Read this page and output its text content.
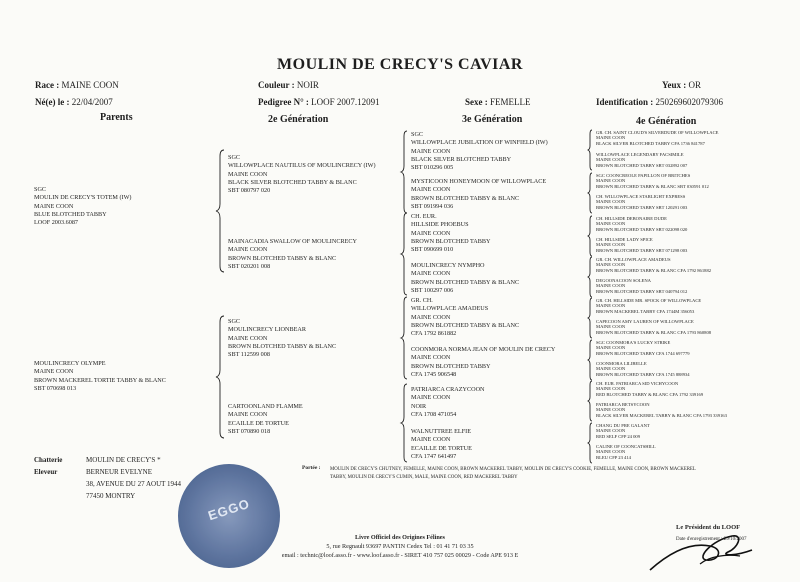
MOULIN DE CRECY'S CAVIAR
Race : MAINE COON	Couleur : NOIR	Yeux : OR
Né(e) le : 22/04/2007	Pedigree N° : LOOF 2007.12091	Sexe : FEMELLE	Identification : 250269602079306
Parents	2e Génération	3e Génération	4e Génération
SGC
MOULIN DE CRECY'S TOTEM (IW)
MAINE COON
BLUE BLOTCHED TABBY
LOOF 2003.6087
MOULINCRECY OLYMPE
MAINE COON
BROWN MACKEREL TORTIE TABBY & BLANC
SBT 070698 013
SGC
WILLOWPLACE NAUTILUS OF MOULINCRECY (IW)
MAINE COON
BLACK SILVER BLOTCHED TABBY & BLANC
SBT 080797 020
MAINACADIA SWALLOW OF MOULINCRECY
MAINE COON
BROWN BLOTCHED TABBY & BLANC
SBT 020201 008
SGC
MOULINCRECY LIONBEAR
MAINE COON
BROWN BLOTCHED TABBY & BLANC
SBT 112599 008
CARTOONLAND FLAMME
MAINE COON
ECAILLE DE TORTUE
SBT 070890 018
SGC
WILLOWPLACE JUBILATION OF WINFIELD (IW)
MAINE COON
BLACK SILVER BLOTCHED TABBY
SBT 010296 005
MYSTICOON HONEYMOON OF WILLOWPLACE
MAINE COON
BROWN BLOTCHED TABBY & BLANC
SBT 091994 036
CH. EUR.
HILLSIDE PHOEBUS
MAINE COON
BROWN BLOTCHED TABBY
SBT 090699 010
MOULINCRECY NYMPHO
MAINE COON
BROWN BLOTCHED TABBY & BLANC
SBT 100297 006
GR. CH.
WILLOWPLACE AMADEUS
MAINE COON
BROWN BLOTCHED TABBY & BLANC
CFA 1792 861882
COONMORA NORMA JEAN OF MOULIN DE CRECY
MAINE COON
BROWN BLOTCHED TABBY
CFA 1745 906548
PATRIARCA CRAZYCOON
MAINE COON
NOIR
CFA 1708 471054
WALNUTTREE ELFIE
MAINE COON
ECAILLE DE TORTUE
CFA 1747 641497
GR. CH. SAINT CLOUD'S SILVERDUDE OF WILLOWPLACE
MAINE COON
BLACK SILVER BLOTCHED TABBY CFA 1736 841787
WILLOWPLACE LEGENDARY FACSIMILE
MAINE COON
BROWN BLOTCHED TABBY SBT 032892 007
SGC COONCREOLE PAPILLON OF BRITCHES
MAINE COON
BROWN BLOTCHED TABBY & BLANC SBT 030591 012
CH. WILLOWPLACE STARLIGHT EXPRESS
MAINE COON
BROWN BLOTCHED TABBY SBT 120291 003
CH. HILLSIDE DEBONAIRE DUDE
MAINE COON
BROWN BLOTCHED TABBY SBT 022098 020
CH. HILLSIDE LADY SPICE
MAINE COON
BROWN BLOTCHED TABBY SBT 071298 003
GR. CH. WILLOWPLACE AMADEUS
MAINE COON
BROWN BLOTCHED TABBY & BLANC CFA 1792 861882
DEGOONACOON SOLENA
MAINE COON
BROWN BLOTCHED TABBY SBT 040794 012
GR. CH. HILLSIDE MR. SPOCK OF WILLOWPLACE
MAINE COON
BROWN MACKEREL TABBY CFA 1744M 356053
CAPECOON AMY LAUREN OF WILLOWPLACE
MAINE COON
BROWN BLOTCHED TABBY & BLANC CFA 1793 860808
SGC COONMORA'S LUCKY STRIKE
MAINE COON
BROWN BLOTCHED TABBY CFA 1744 697779
COONMORA LILIBELLE
MAINE COON
BROWN BLOTCHED TABBY CFA 1745 888934
CH. EUR. PATRIARCA SID VICHYCOON
MAINE COON
RED BLOTCHED TABBY & BLANC CFA 1792 339169
PATRIARCA BETSYCOON
MAINE COON
BLACK SILVER MACKEREL TABBY & BLANC CFA 1793 339163
CHANG DU PRE GALANT
MAINE COON
RED SELF CFP 24 009
CALINE OF COONCATSHILL
MAINE COON
BLEU CFP 23 414
Chatterie	MOULIN DE CRECY'S *
Eleveur	BERNEUR EVELYNE
38, AVENUE DU 27 AOUT 1944
77450 MONTRY
Portée : MOULIN DE CRECY'S CHUTNEY, FEMELLE, MAINE COON, BROWN MACKEREL TABBY, MOULIN DE CRECY'S COOKIE, FEMELLE, MAINE COON, BROWN MACKEREL
TABBY, MOULIN DE CRECY'S CUMIN, MALE, MAINE COON, RED MACKEREL TABBY
EGGO
Livre Officiel des Origines Félines
5, rue Regnault 93697 PANTIN Cedex Tel : 01 41 71 03 35
email : technic@loof.asso.fr - www.loof.asso.fr - SIRET 410 757 025 00029 - Code APE 913 E
Le Président du LOOF
Date d'enregistrement : 29/10/2007
